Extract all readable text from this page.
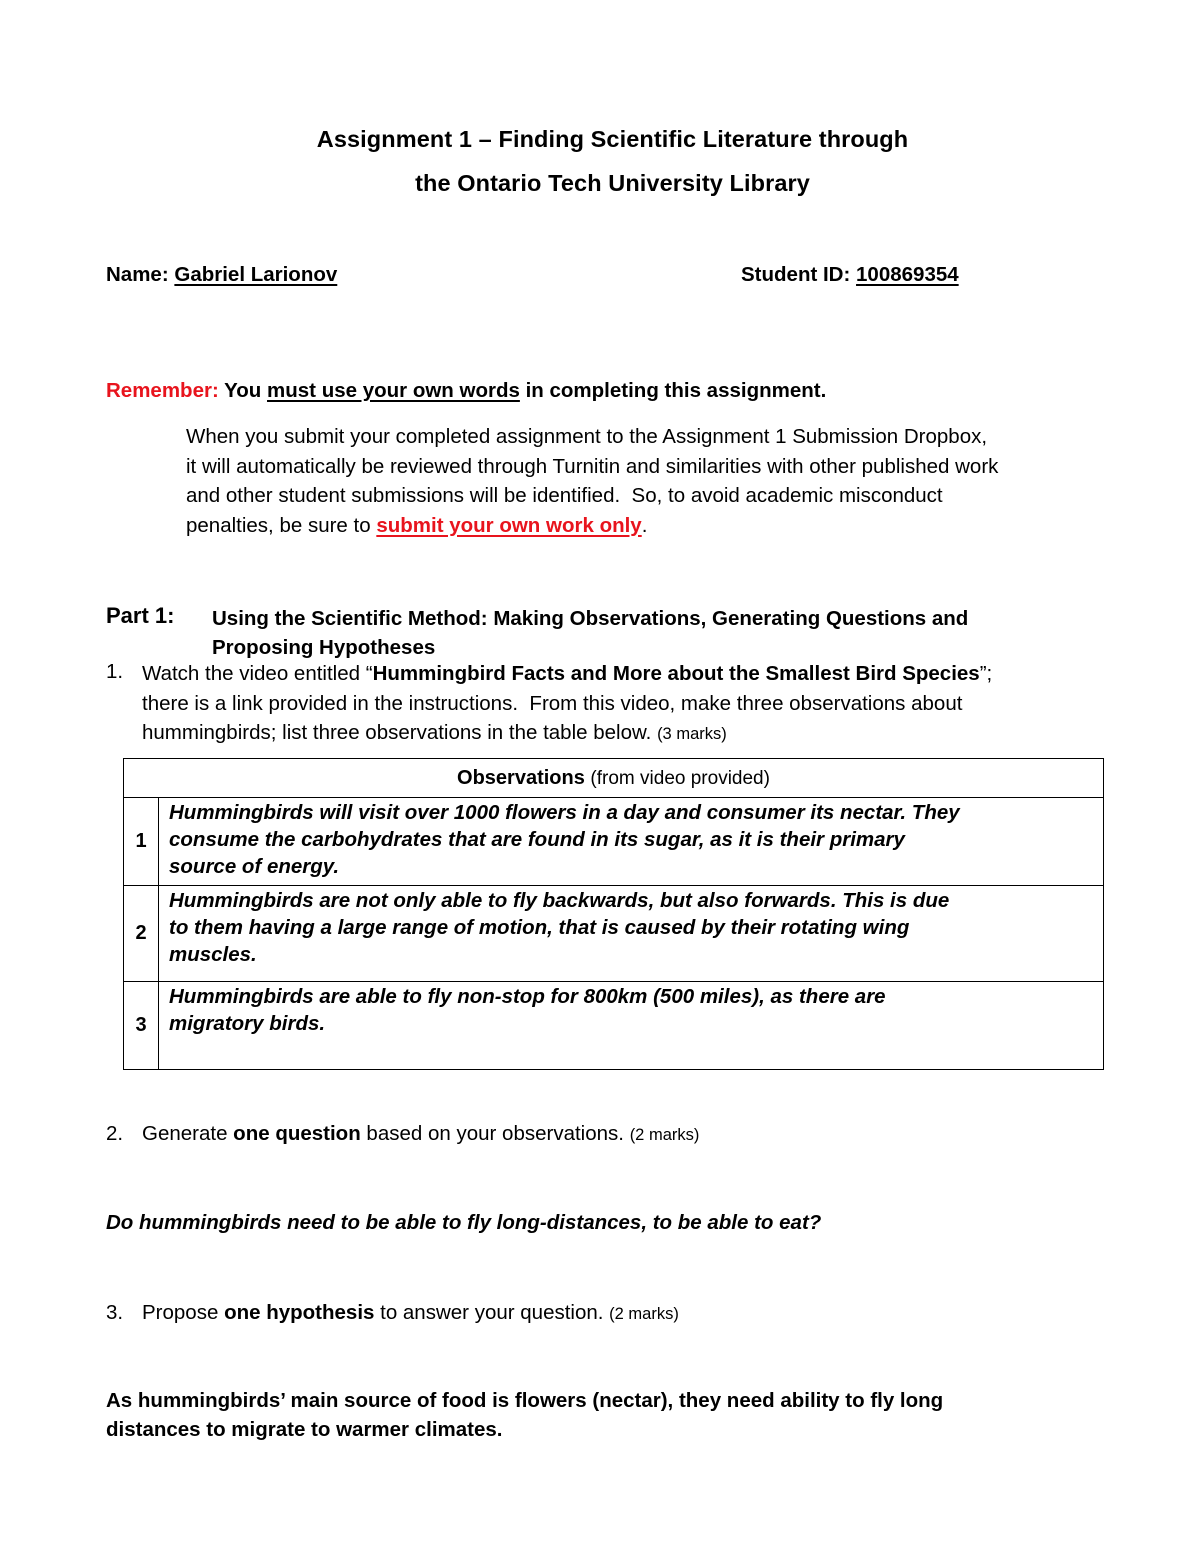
Assignment 1 – Finding Scientific Literature through
the Ontario Tech University Library
Name: Gabriel Larionov	Student ID: 100869354
Remember: You must use your own words in completing this assignment.
When you submit your completed assignment to the Assignment 1 Submission Dropbox,
it will automatically be reviewed through Turnitin and similarities with other published work
and other student submissions will be identified.  So, to avoid academic misconduct
penalties, be sure to submit your own work only.
Part 1: Using the Scientific Method: Making Observations, Generating Questions and
Proposing Hypotheses
1. Watch the video entitled “Hummingbird Facts and More about the Smallest Bird Species”;
there is a link provided in the instructions.  From this video, make three observations about
hummingbirds; list three observations in the table below. (3 marks)
Observations (from video provided)	
1	Hummingbirds will visit over 1000 flowers in a day and consumer its nectar. They
consume the carbohydrates that are found in its sugar, as it is their primary
source of energy.

2	Hummingbirds are not only able to fly backwards, but also forwards. This is due
to them having a large range of motion, that is caused by their rotating wing
muscles.

3	Hummingbirds are able to fly non-stop for 800km (500 miles), as there are
migratory birds.
2. Generate one question based on your observations. (2 marks)
Do hummingbirds need to be able to fly long-distances, to be able to eat?
3. Propose one hypothesis to answer your question. (2 marks)
As hummingbirds’ main source of food is flowers (nectar), they need ability to fly long
distances to migrate to warmer climates.
